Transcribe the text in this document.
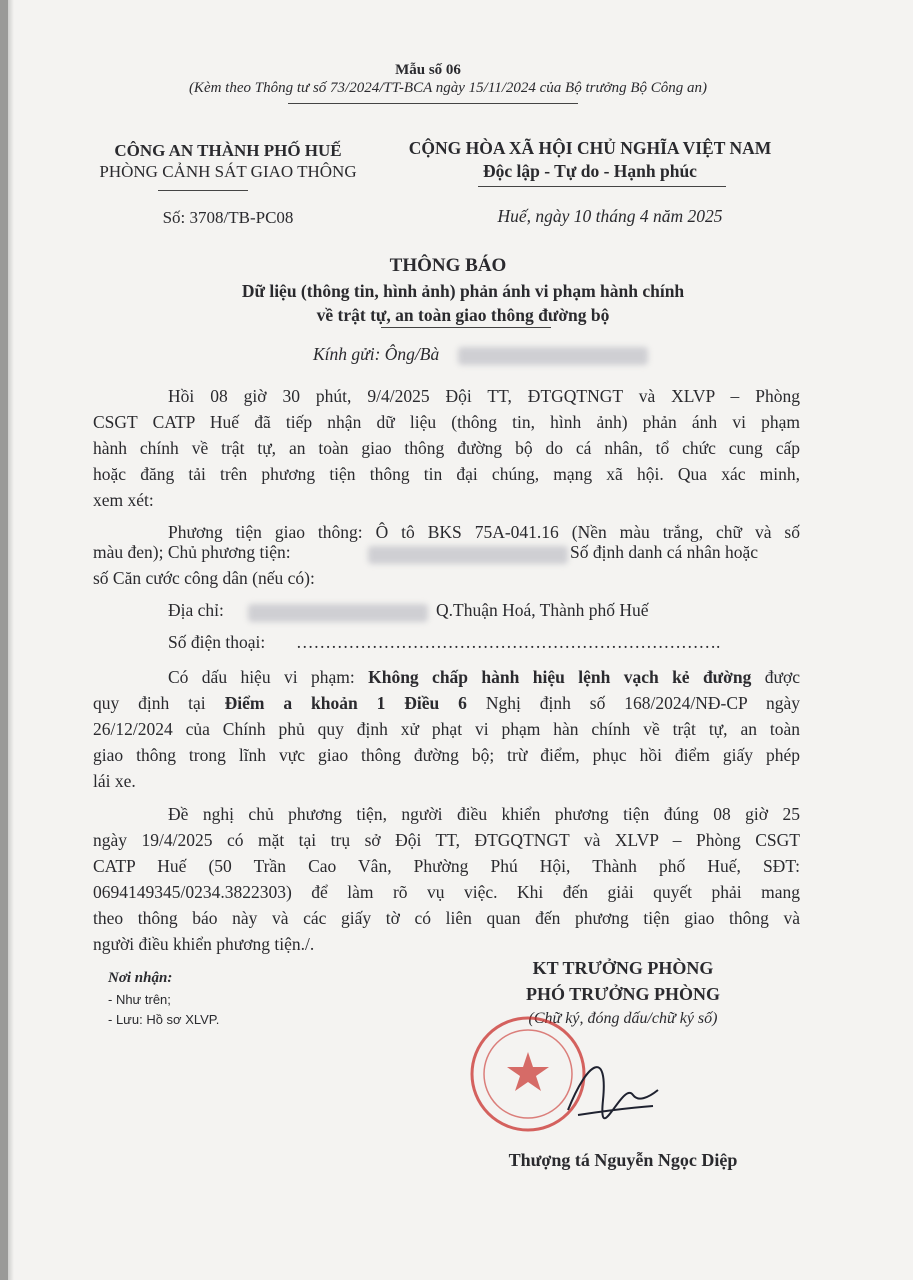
Mẫu số 06
(Kèm theo Thông tư số 73/2024/TT-BCA ngày 15/11/2024 của Bộ trưởng Bộ Công an)
CÔNG AN THÀNH PHỐ HUẾ
PHÒNG CẢNH SÁT GIAO THÔNG
Số: 3708/TB-PC08
CỘNG HÒA XÃ HỘI CHỦ NGHĨA VIỆT NAM
Độc lập - Tự do - Hạnh phúc
Huế, ngày 10 tháng 4 năm 2025
THÔNG BÁO
Dữ liệu (thông tin, hình ảnh) phản ánh vi phạm hành chính
về trật tự, an toàn giao thông đường bộ
Kính gửi: Ông/Bà
Hồi 08 giờ 30 phút, 9/4/2025 Đội TT, ĐTGQTNGT và XLVP – Phòng
CSGT CATP Huế đã tiếp nhận dữ liệu (thông tin, hình ảnh) phản ánh vi phạm
hành chính về trật tự, an toàn giao thông đường bộ do cá nhân, tổ chức cung cấp
hoặc đăng tải trên phương tiện thông tin đại chúng, mạng xã hội. Qua xác minh,
xem xét:
Phương tiện giao thông: Ô tô BKS 75A-041.16 (Nền màu trắng, chữ và số
màu đen); Chủ phương tiện:	Số định danh cá nhân hoặc
số Căn cước công dân (nếu có):
Địa chỉ:	Q.Thuận Hoá, Thành phố Huế
Số điện thoại: ……………………………………………………………….
Có dấu hiệu vi phạm: Không chấp hành hiệu lệnh vạch kẻ đường được
quy định tại Điểm a khoản 1 Điều 6 Nghị định số 168/2024/NĐ-CP ngày
26/12/2024 của Chính phủ quy định xử phạt vi phạm hàn chính về trật tự, an toàn
giao thông trong lĩnh vực giao thông đường bộ; trừ điểm, phục hồi điểm giấy phép
lái xe.
Đề nghị chủ phương tiện, người điều khiển phương tiện đúng 08 giờ 25
ngày 19/4/2025 có mặt tại trụ sở Đội TT, ĐTGQTNGT và XLVP – Phòng CSGT
CATP Huế (50 Trần Cao Vân, Phường Phú Hội, Thành phố Huế, SĐT:
0694149345/0234.3822303) để làm rõ vụ việc. Khi đến giải quyết phải mang
theo thông báo này và các giấy tờ có liên quan đến phương tiện giao thông và
người điều khiển phương tiện./.
Nơi nhận:
- Như trên;
- Lưu: Hồ sơ XLVP.
KT TRƯỞNG PHÒNG
PHÓ TRƯỞNG PHÒNG
(Chữ ký, đóng dấu/chữ ký số)
Thượng tá Nguyễn Ngọc Diệp
